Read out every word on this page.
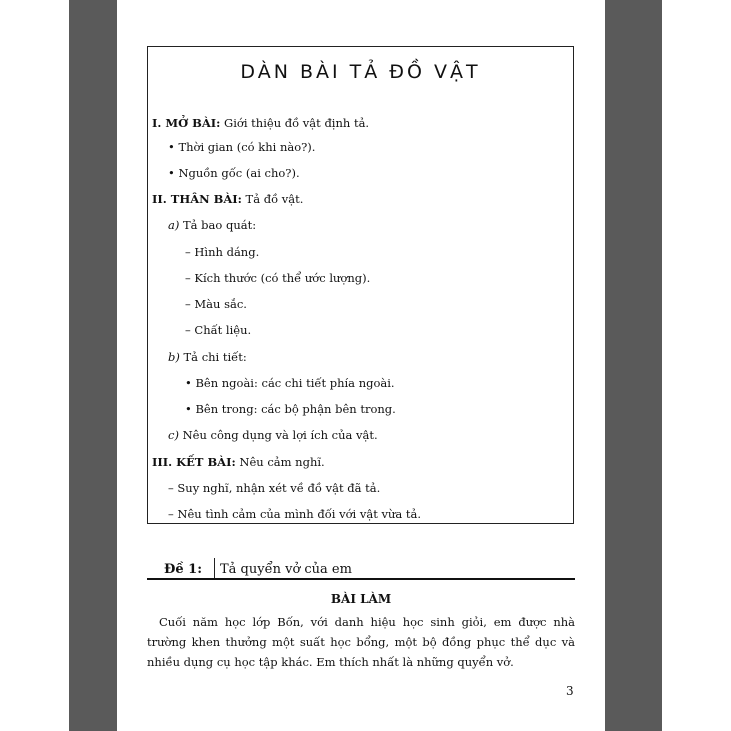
DÀN BÀI TẢ ĐỒ VẬT
I. MỞ BÀI: Giới thiệu đồ vật định tả.
• Thời gian (có khi nào?).
• Nguồn gốc (ai cho?).
II. THÂN BÀI: Tả đồ vật.
a) Tả bao quát:
– Hình dáng.
– Kích thước (có thể ước lượng).
– Màu sắc.
– Chất liệu.
b) Tả chi tiết:
• Bên ngoài: các chi tiết phía ngoài.
• Bên trong: các bộ phận bên trong.
c) Nêu công dụng và lợi ích của vật.
III. KẾT BÀI: Nêu cảm nghĩ.
– Suy nghĩ, nhận xét về đồ vật đã tả.
– Nêu tình cảm của mình đối với vật vừa tả.
Đề 1: Tả quyển vở của em
BÀI LÀM
Cuối năm học lớp Bốn, với danh hiệu học sinh giỏi, em được nhà trường khen thưởng một suất học bổng, một bộ đồng phục thể dục và nhiều dụng cụ học tập khác. Em thích nhất là những quyển vở.
3
